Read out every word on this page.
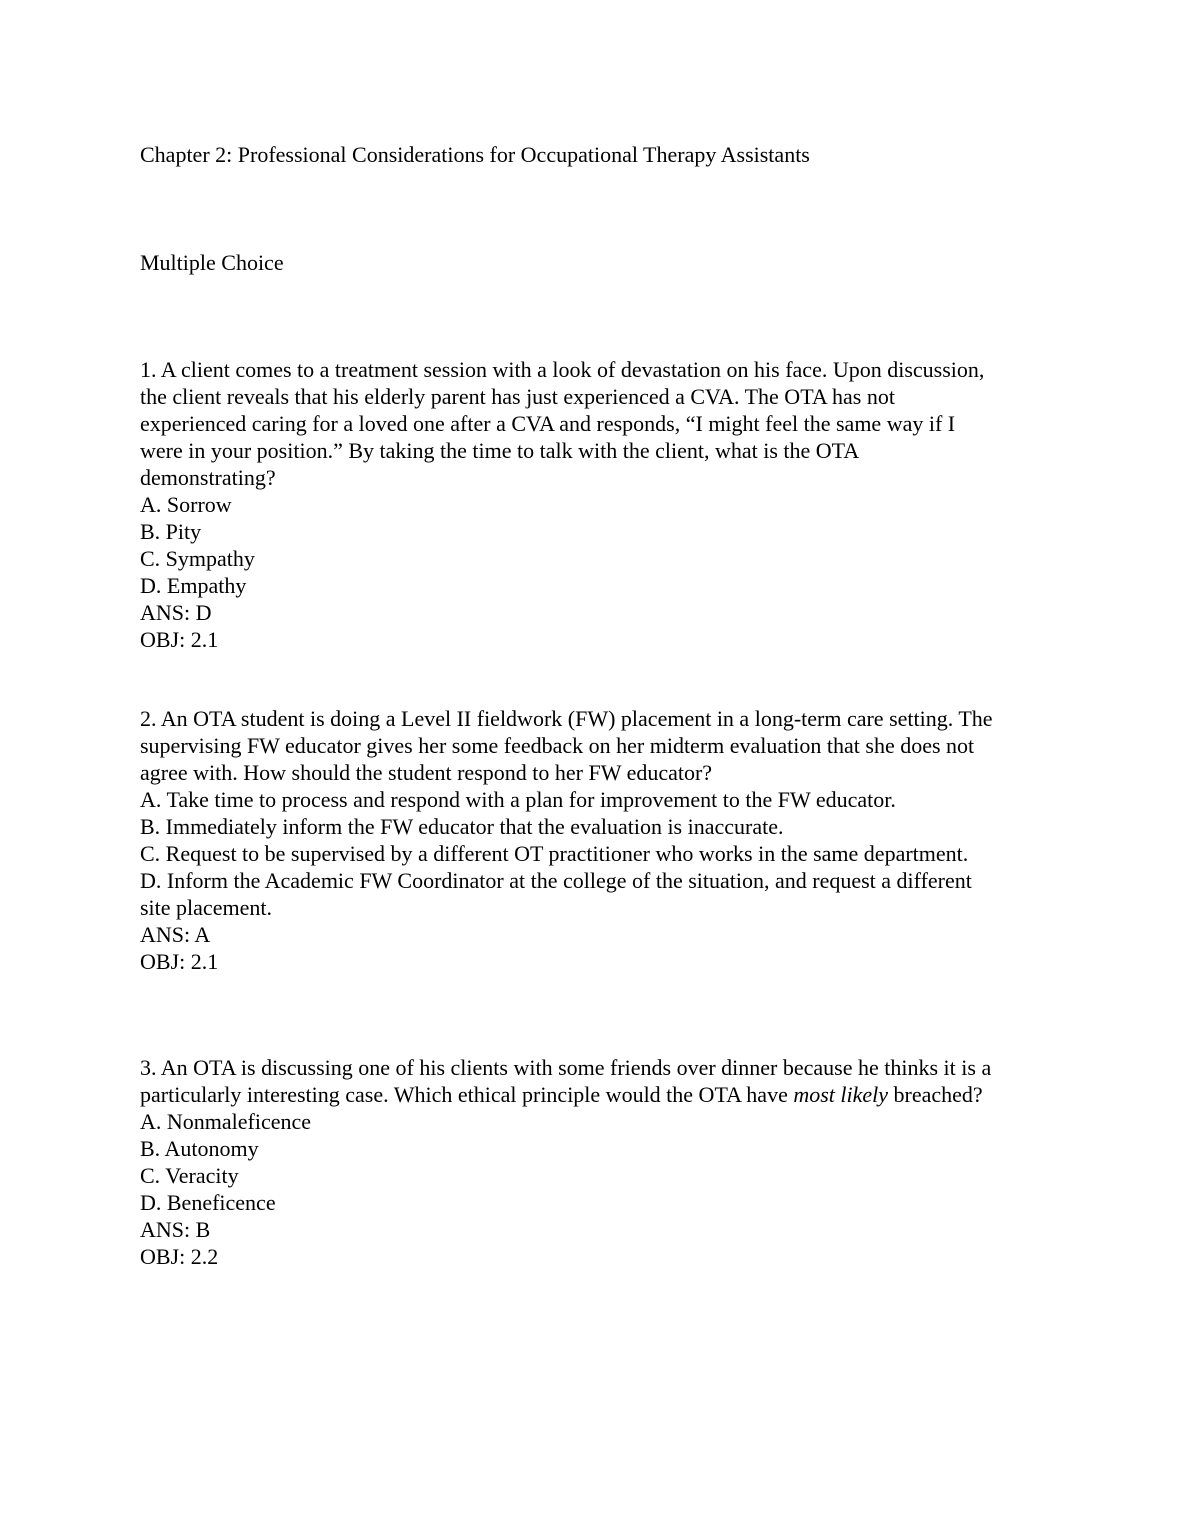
Chapter 2: Professional Considerations for Occupational Therapy Assistants
Multiple Choice
1. A client comes to a treatment session with a look of devastation on his face. Upon discussion,
the client reveals that his elderly parent has just experienced a CVA. The OTA has not
experienced caring for a loved one after a CVA and responds, “I might feel the same way if I
were in your position.” By taking the time to talk with the client, what is the OTA
demonstrating?
A. Sorrow
B. Pity
C. Sympathy
D. Empathy
ANS: D
OBJ: 2.1
2. An OTA student is doing a Level II fieldwork (FW) placement in a long-term care setting. The
supervising FW educator gives her some feedback on her midterm evaluation that she does not
agree with. How should the student respond to her FW educator?
A. Take time to process and respond with a plan for improvement to the FW educator.
B. Immediately inform the FW educator that the evaluation is inaccurate.
C. Request to be supervised by a different OT practitioner who works in the same department.
D. Inform the Academic FW Coordinator at the college of the situation, and request a different
site placement.
ANS: A
OBJ: 2.1
3. An OTA is discussing one of his clients with some friends over dinner because he thinks it is a
particularly interesting case. Which ethical principle would the OTA have most likely breached?
A. Nonmaleficence
B. Autonomy
C. Veracity
D. Beneficence
ANS: B
OBJ: 2.2
